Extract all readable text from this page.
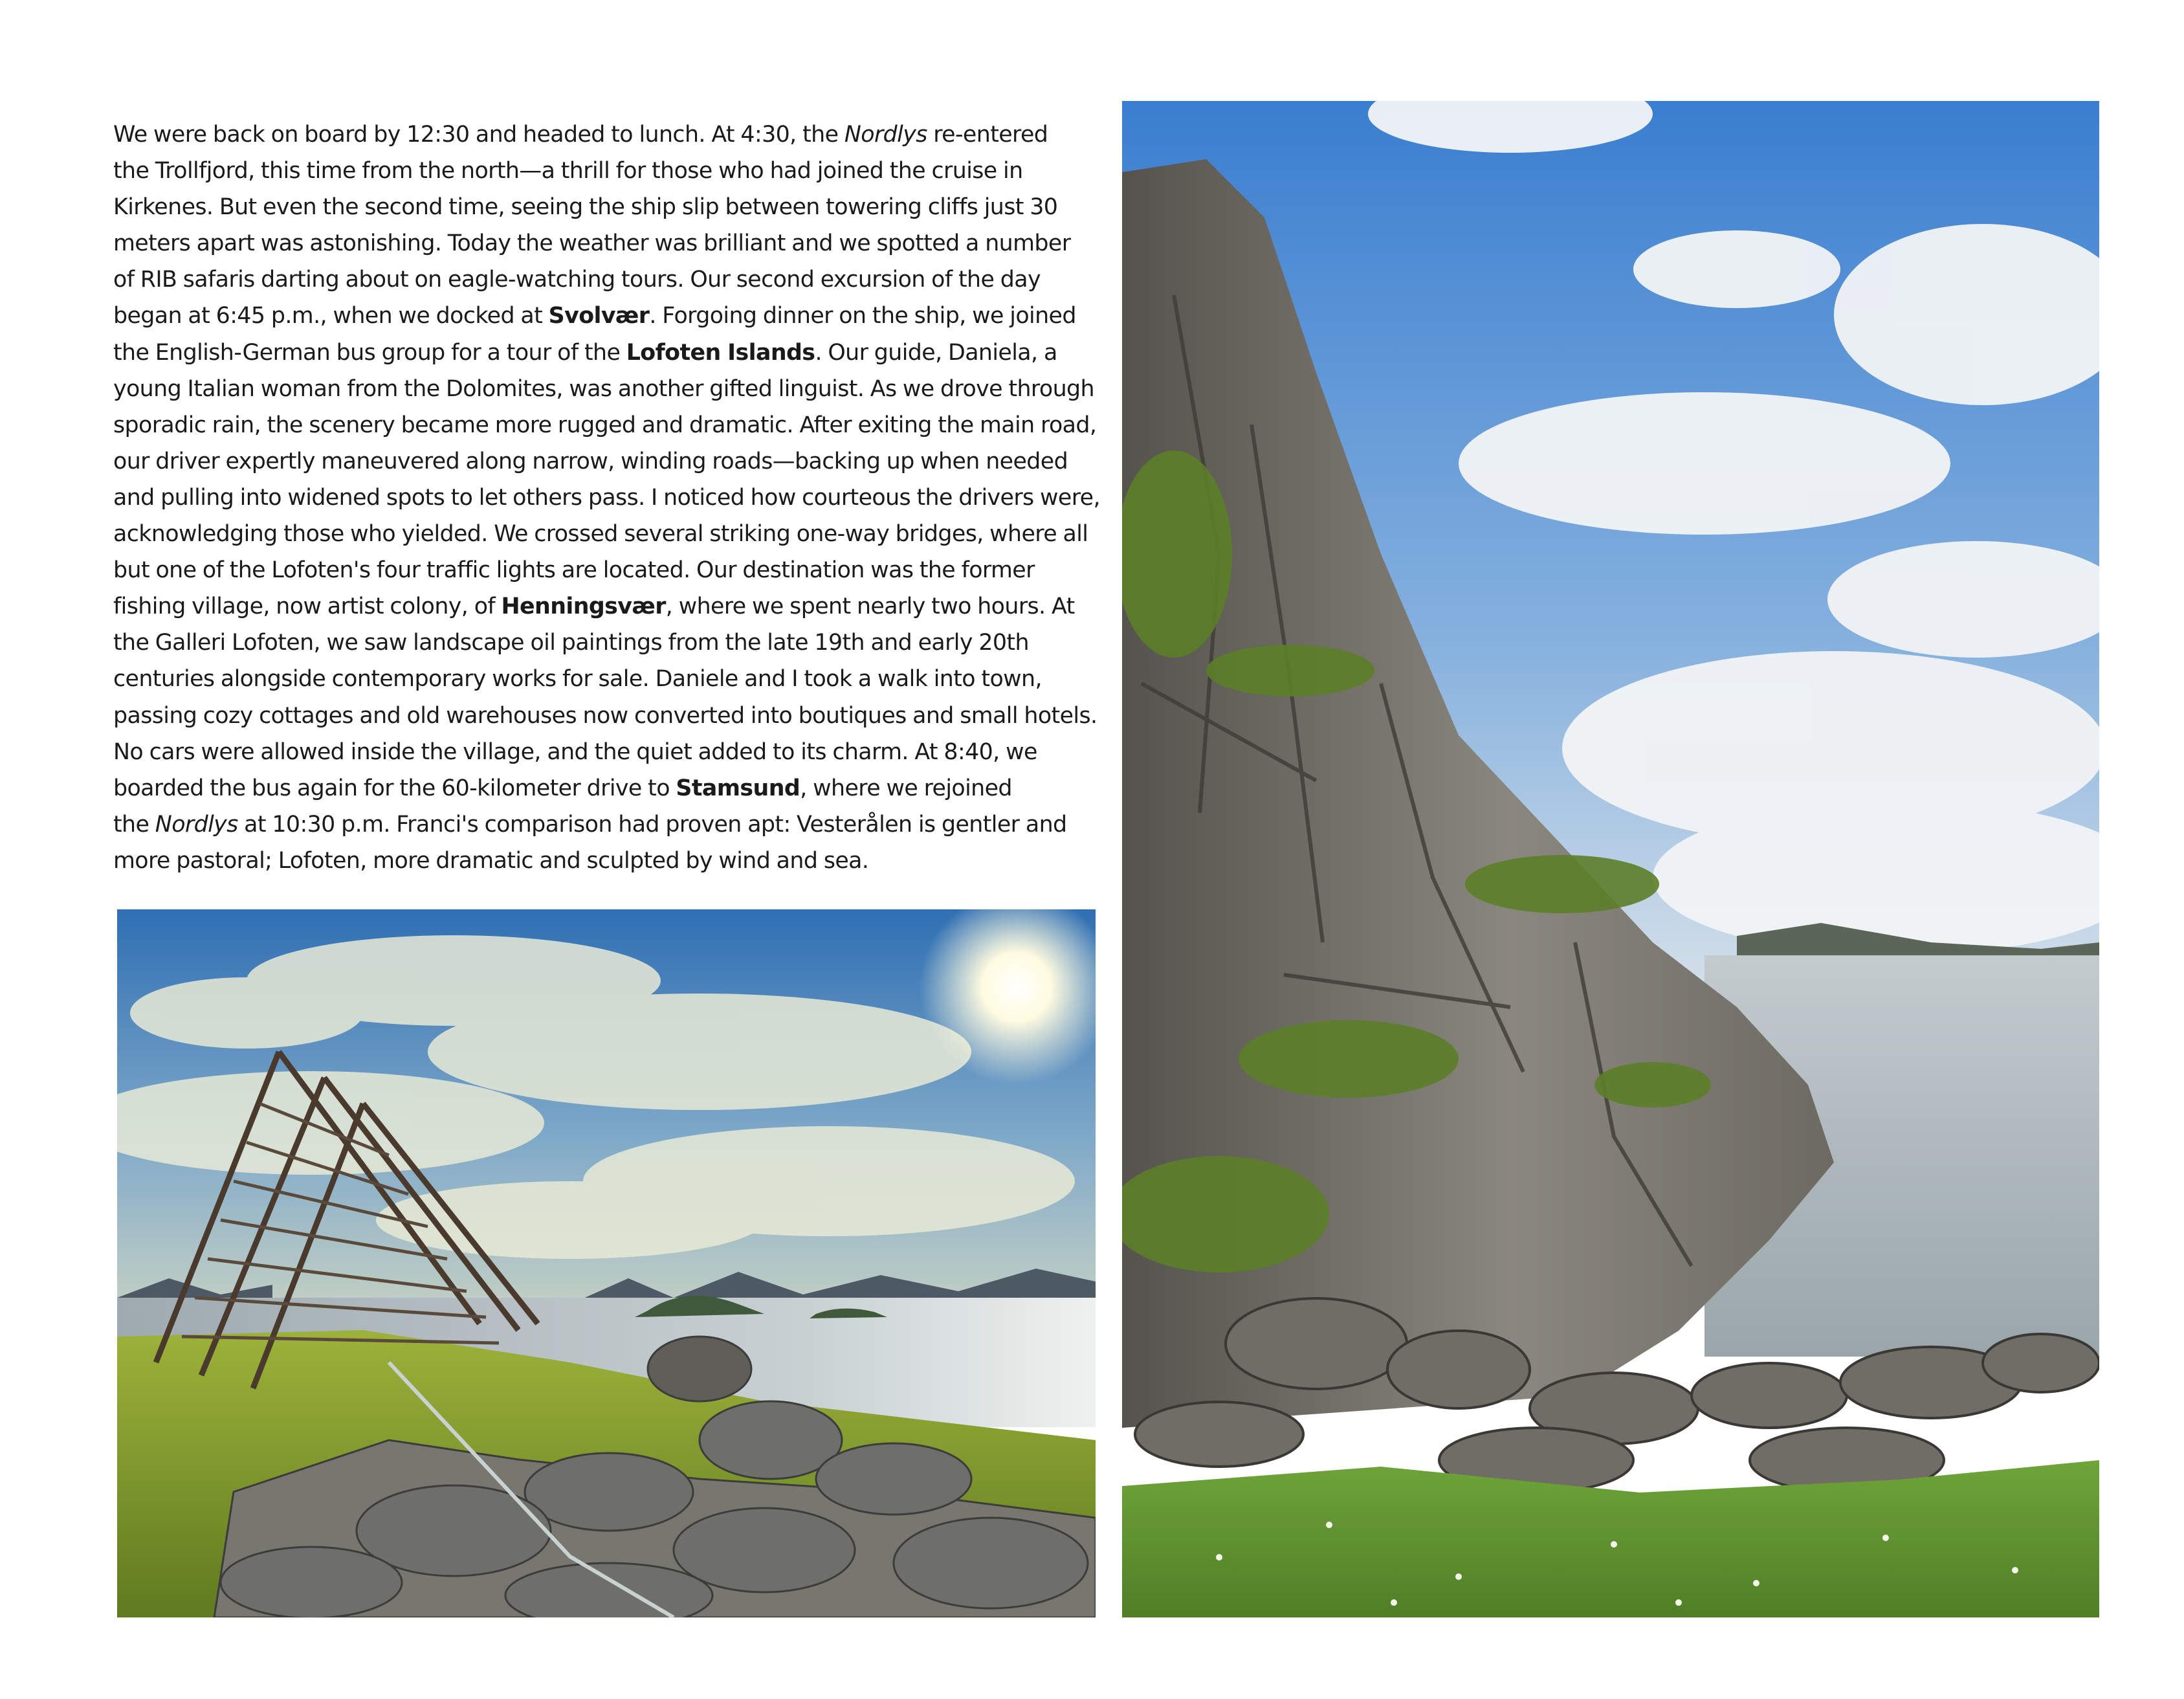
We were back on board by 12:30 and headed to lunch. At 4:30, the Nordlys re-entered
the Trollfjord, this time from the north—a thrill for those who had joined the cruise in
Kirkenes. But even the second time, seeing the ship slip between towering cliffs just 30
meters apart was astonishing. Today the weather was brilliant and we spotted a number
of RIB safaris darting about on eagle-watching tours. Our second excursion of the day
began at 6:45 p.m., when we docked at Svolvær. Forgoing dinner on the ship, we joined
the English-German bus group for a tour of the Lofoten Islands. Our guide, Daniela, a
young Italian woman from the Dolomites, was another gifted linguist. As we drove through
sporadic rain, the scenery became more rugged and dramatic. After exiting the main road,
our driver expertly maneuvered along narrow, winding roads—backing up when needed
and pulling into widened spots to let others pass. I noticed how courteous the drivers were,
acknowledging those who yielded. We crossed several striking one-way bridges, where all
but one of the Lofoten's four traffic lights are located. Our destination was the former
fishing village, now artist colony, of Henningsvær, where we spent nearly two hours. At
the Galleri Lofoten, we saw landscape oil paintings from the late 19th and early 20th
centuries alongside contemporary works for sale. Daniele and I took a walk into town,
passing cozy cottages and old warehouses now converted into boutiques and small hotels.
No cars were allowed inside the village, and the quiet added to its charm. At 8:40, we
boarded the bus again for the 60-kilometer drive to Stamsund, where we rejoined
the Nordlys at 10:30 p.m. Franci's comparison had proven apt: Vesterålen is gentler and
more pastoral; Lofoten, more dramatic and sculpted by wind and sea.
